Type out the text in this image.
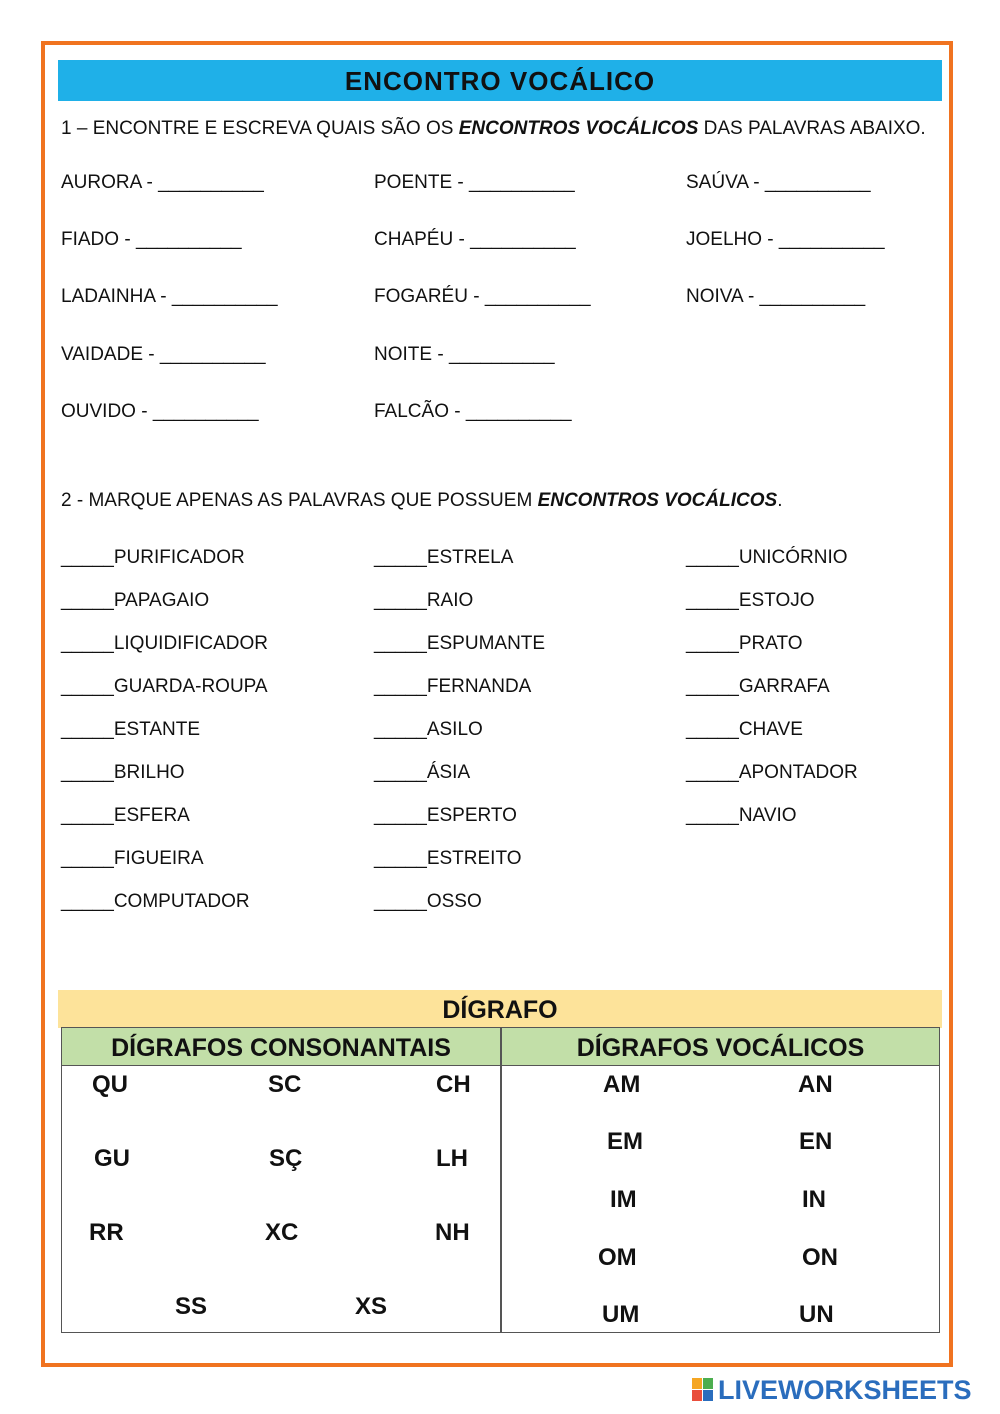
ENCONTRO VOCÁLICO
1 – ENCONTRE E ESCREVA QUAIS SÃO OS ENCONTROS VOCÁLICOS DAS PALAVRAS ABAIXO.
AURORA - __________	POENTE - __________	SAÚVA - __________
FIADO - __________	CHAPÉU - __________	JOELHO - __________
LADAINHA - __________	FOGARÉU - __________	NOIVA - __________
VAIDADE - __________	NOITE - __________
OUVIDO - __________	FALCÃO - __________
2 - MARQUE APENAS AS PALAVRAS QUE POSSUEM ENCONTROS VOCÁLICOS.
_____PURIFICADOR	_____ESTRELA	_____UNICÓRNIO
_____PAPAGAIO	_____RAIO	_____ESTOJO
_____LIQUIDIFICADOR	_____ESPUMANTE	_____PRATO
_____GUARDA-ROUPA	_____FERNANDA	_____GARRAFA
_____ESTANTE	_____ASILO	_____CHAVE
_____BRILHO	_____ÁSIA	_____APONTADOR
_____ESFERA	_____ESPERTO	_____NAVIO
_____FIGUEIRA	_____ESTREITO
_____COMPUTADOR	_____OSSO
DÍGRAFO
DÍGRAFOS CONSONANTAIS	DÍGRAFOS VOCÁLICOS
QU	SC	CH
GU	SÇ	LH
RR	XC	NH
SS	XS
AM	AN
EM	EN
IM	IN
OM	ON
UM	UN
LIVEWORKSHEETS
